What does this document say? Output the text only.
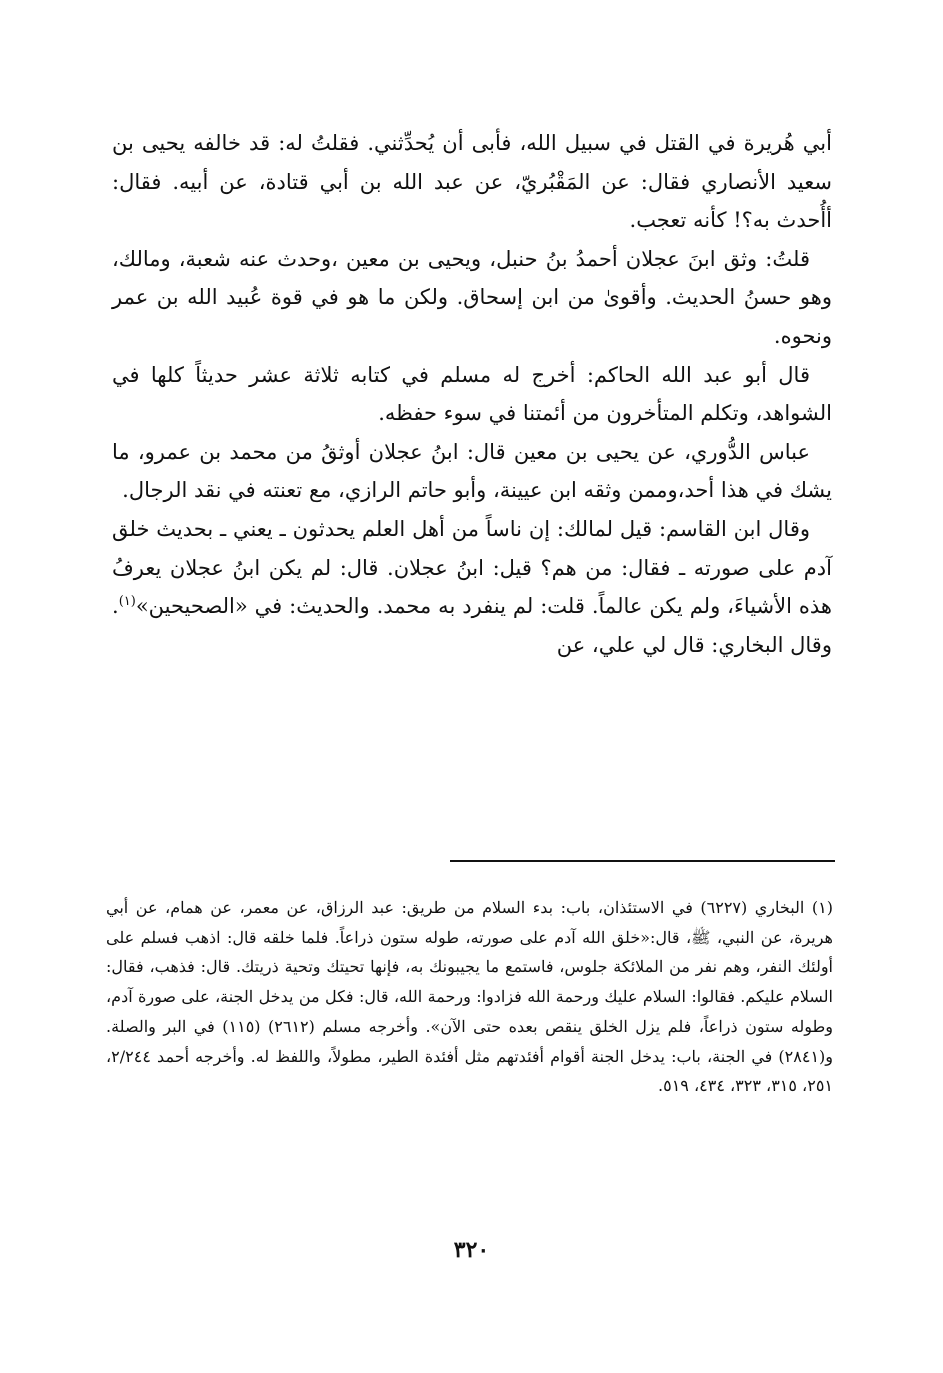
أبي هُريرة في القتل في سبيل الله، فأبى أن يُحدِّثني. فقلتُ له: قد خالفه يحيى بن سعيد الأنصاري فقال: عن المَقْبُريّ، عن عبد الله بن أبي قتادة، عن أبيه. فقال: أأُحدث به؟! كأنه تعجب.

قلتُ: وثق ابنَ عجلان أحمدُ بنُ حنبل، ويحيى بن معين ،وحدث عنه شعبة، ومالك، وهو حسنُ الحديث. وأقوىٰ من ابن إسحاق. ولكن ما هو في قوة عُبيد الله بن عمر ونحوه.

قال أبو عبد الله الحاكم: أخرج له مسلم في كتابه ثلاثة عشر حديثاً كلها في الشواهد، وتكلم المتأخرون من أئمتنا في سوء حفظه.

عباس الدُّوري، عن يحيى بن معين قال: ابنُ عجلان أوثقُ من محمد بن عمرو، ما يشك في هذا أحد،وممن وثقه ابن عيينة، وأبو حاتم الرازي، مع تعنته في نقد الرجال.

وقال ابن القاسم: قيل لمالك: إن ناساً من أهل العلم يحدثون ـ يعني ـ بحديث خلق آدم على صورته ـ فقال: من هم؟ قيل: ابنُ عجلان. قال: لم يكن ابنُ عجلان يعرفُ هذه الأشياءَ، ولم يكن عالماً. قلت: لم ينفرد به محمد. والحديث: في «الصحيحين»$^{(١)}$. وقال البخاري: قال لي علي، عن

(١) البخاري (٦٢٢٧) في الاستئذان، باب: بدء السلام من طريق: عبد الرزاق، عن معمر، عن همام، عن أبي هريرة، عن النبي، ﷺ، قال:«خلق الله آدم على صورته، طوله ستون ذراعاً. فلما خلقه قال: اذهب فسلم على أولئك النفر، وهم نفر من الملائكة جلوس، فاستمع ما يجيبونك به، فإنها تحيتك وتحية ذريتك. قال: فذهب، فقال: السلام عليكم. فقالوا: السلام عليك ورحمة الله فزادوا: ورحمة الله، قال: فكل من يدخل الجنة، على صورة آدم، وطوله ستون ذراعاً، فلم يزل الخلق ينقص بعده حتى الآن». وأخرجه مسلم (٢٦١٢) (١١٥) في البر والصلة. و(٢٨٤١) في الجنة، باب: يدخل الجنة أقوام أفئدتهم مثل أفئدة الطير، مطولاً، واللفظ له. وأخرجه أحمد ٢/٢٤٤، ٢٥١، ٣١٥، ٣٢٣، ٤٣٤، ٥١٩.

٣٢٠
